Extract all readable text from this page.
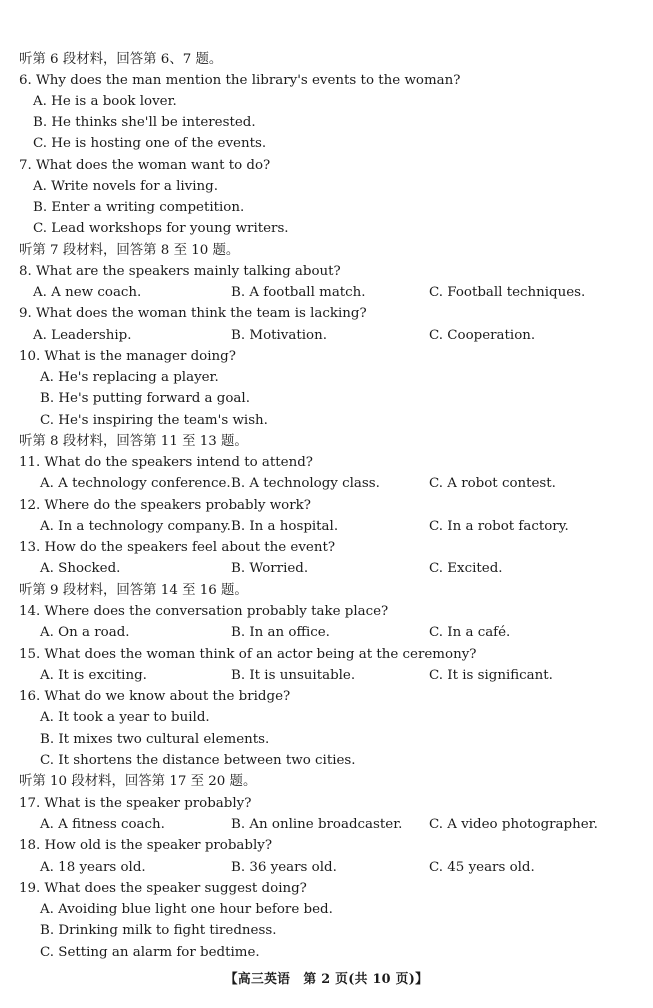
听第 6 段材料，回答第 6、7 题。
6. Why does the man mention the library's events to the woman?
A. He is a book lover.
B. He thinks she'll be interested.
C. He is hosting one of the events.
7. What does the woman want to do?
A. Write novels for a living.
B. Enter a writing competition.
C. Lead workshops for young writers.
听第 7 段材料，回答第 8 至 10 题。
8. What are the speakers mainly talking about?
A. A new coach.	B. A football match.	C. Football techniques.
9. What does the woman think the team is lacking?
A. Leadership.	B. Motivation.	C. Cooperation.
10. What is the manager doing?
A. He's replacing a player.
B. He's putting forward a goal.
C. He's inspiring the team's wish.
听第 8 段材料，回答第 11 至 13 题。
11. What do the speakers intend to attend?
A. A technology conference. B. A technology class.	C. A robot contest.
12. Where do the speakers probably work?
A. In a technology company. B. In a hospital.	C. In a robot factory.
13. How do the speakers feel about the event?
A. Shocked.	B. Worried.	C. Excited.
听第 9 段材料，回答第 14 至 16 题。
14. Where does the conversation probably take place?
A. On a road.	B. In an office.	C. In a café.
15. What does the woman think of an actor being at the ceremony?
A. It is exciting.	B. It is unsuitable.	C. It is significant.
16. What do we know about the bridge?
A. It took a year to build.
B. It mixes two cultural elements.
C. It shortens the distance between two cities.
听第 10 段材料，回答第 17 至 20 题。
17. What is the speaker probably?
A. A fitness coach.	B. An online broadcaster. C. A video photographer.
18. How old is the speaker probably?
A. 18 years old.	B. 36 years old.	C. 45 years old.
19. What does the speaker suggest doing?
A. Avoiding blue light one hour before bed.
B. Drinking milk to fight tiredness.
C. Setting an alarm for bedtime.
【高三英语　第 2 页(共 10 页)】
